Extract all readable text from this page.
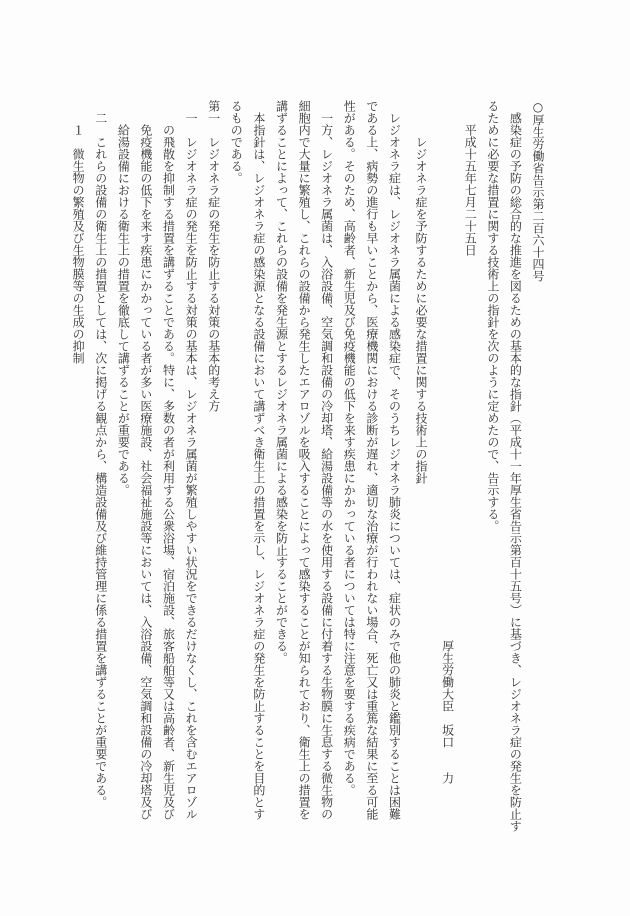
○厚生労働省告示第二百六十四号
感染症の予防の総合的な推進を図るための基本的な指針（平成十一年厚生省告示第百十五号）に基づき、レジオネラ症の発生を防止す
るために必要な措置に関する技術上の指針を次のように定めたので、告示する。
平成十五年七月二十五日
厚生労働大臣　坂口　　力
レジオネラ症を予防するために必要な措置に関する技術上の指針
レジオネラ症は、レジオネラ属菌による感染症で、そのうちレジオネラ肺炎については、症状のみで他の肺炎と鑑別することは困難
である上、病勢の進行も早いことから、医療機関における診断が遅れ、適切な治療が行われない場合、死亡又は重篤な結果に至る可能
性がある。そのため、高齢者、新生児及び免疫機能の低下を来す疾患にかかっている者については特に注意を要する疾病である。
一方、レジオネラ属菌は、入浴設備、空気調和設備の冷却塔、給湯設備等の水を使用する設備に付着する生物膜に生息する微生物の
細胞内で大量に繁殖し、これらの設備から発生したエアロゾルを吸入することによって感染することが知られており、衛生上の措置を
講ずることによって、これらの設備を発生源とするレジオネラ属菌による感染を防止することができる。
本指針は、レジオネラ症の感染源となる設備において講ずべき衛生上の措置を示し、レジオネラ症の発生を防止することを目的とす
るものである。
第一　レジオネラ症の発生を防止する対策の基本的考え方
一　レジオネラ症の発生を防止する対策の基本は、レジオネラ属菌が繁殖しやすい状況をできるだけなくし、これを含むエアロゾル
の飛散を抑制する措置を講ずることである。特に、多数の者が利用する公衆浴場、宿泊施設、旅客船舶等又は高齢者、新生児及び
免疫機能の低下を来す疾患にかかっている者が多い医療施設、社会福祉施設等においては、入浴設備、空気調和設備の冷却塔及び
給湯設備における衛生上の措置を徹底して講ずることが重要である。
二　これらの設備の衛生上の措置としては、次に掲げる観点から、構造設備及び維持管理に係る措置を講ずることが重要である。
１　微生物の繁殖及び生物膜等の生成の抑制
